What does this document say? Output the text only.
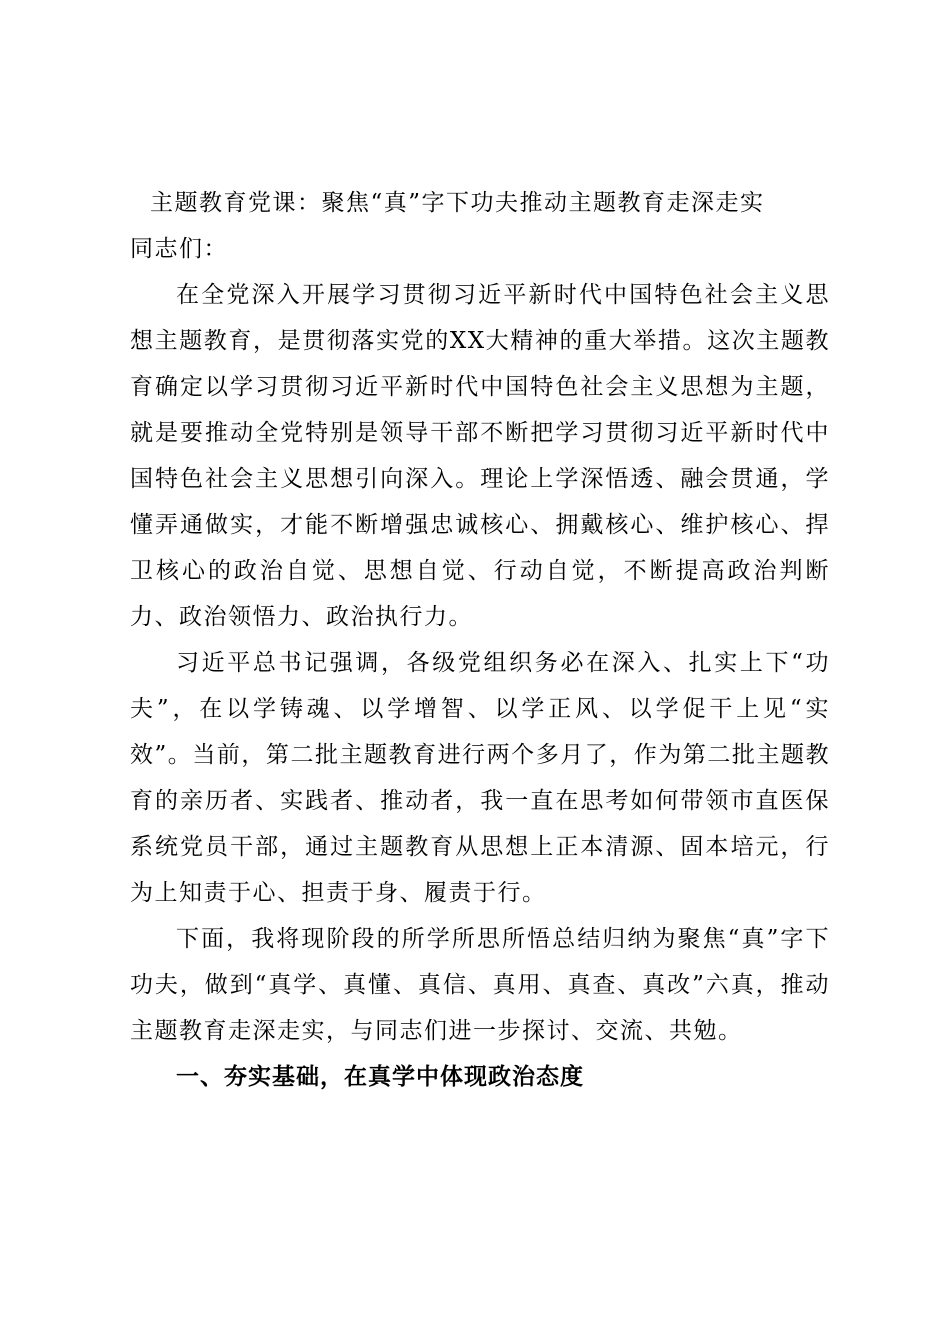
主题教育党课：聚焦“真”字下功夫推动主题教育走深走实

同志们：

在全党深入开展学习贯彻习近平新时代中国特色社会主义思想主题教育，是贯彻落实党的XX大精神的重大举措。这次主题教育确定以学习贯彻习近平新时代中国特色社会主义思想为主题，就是要推动全党特别是领导干部不断把学习贯彻习近平新时代中国特色社会主义思想引向深入。理论上学深悟透、融会贯通，学懂弄通做实，才能不断增强忠诚核心、拥戴核心、维护核心、捍卫核心的政治自觉、思想自觉、行动自觉，不断提高政治判断力、政治领悟力、政治执行力。

习近平总书记强调，各级党组织务必在深入、扎实上下“功夫”，在以学铸魂、以学增智、以学正风、以学促干上见“实效”。当前，第二批主题教育进行两个多月了，作为第二批主题教育的亲历者、实践者、推动者，我一直在思考如何带领市直医保系统党员干部，通过主题教育从思想上正本清源、固本培元，行为上知责于心、担责于身、履责于行。

下面，我将现阶段的所学所思所悟总结归纳为聚焦“真”字下功夫，做到“真学、真懂、真信、真用、真查、真改”六真，推动主题教育走深走实，与同志们进一步探讨、交流、共勉。

一、夯实基础，在真学中体现政治态度
